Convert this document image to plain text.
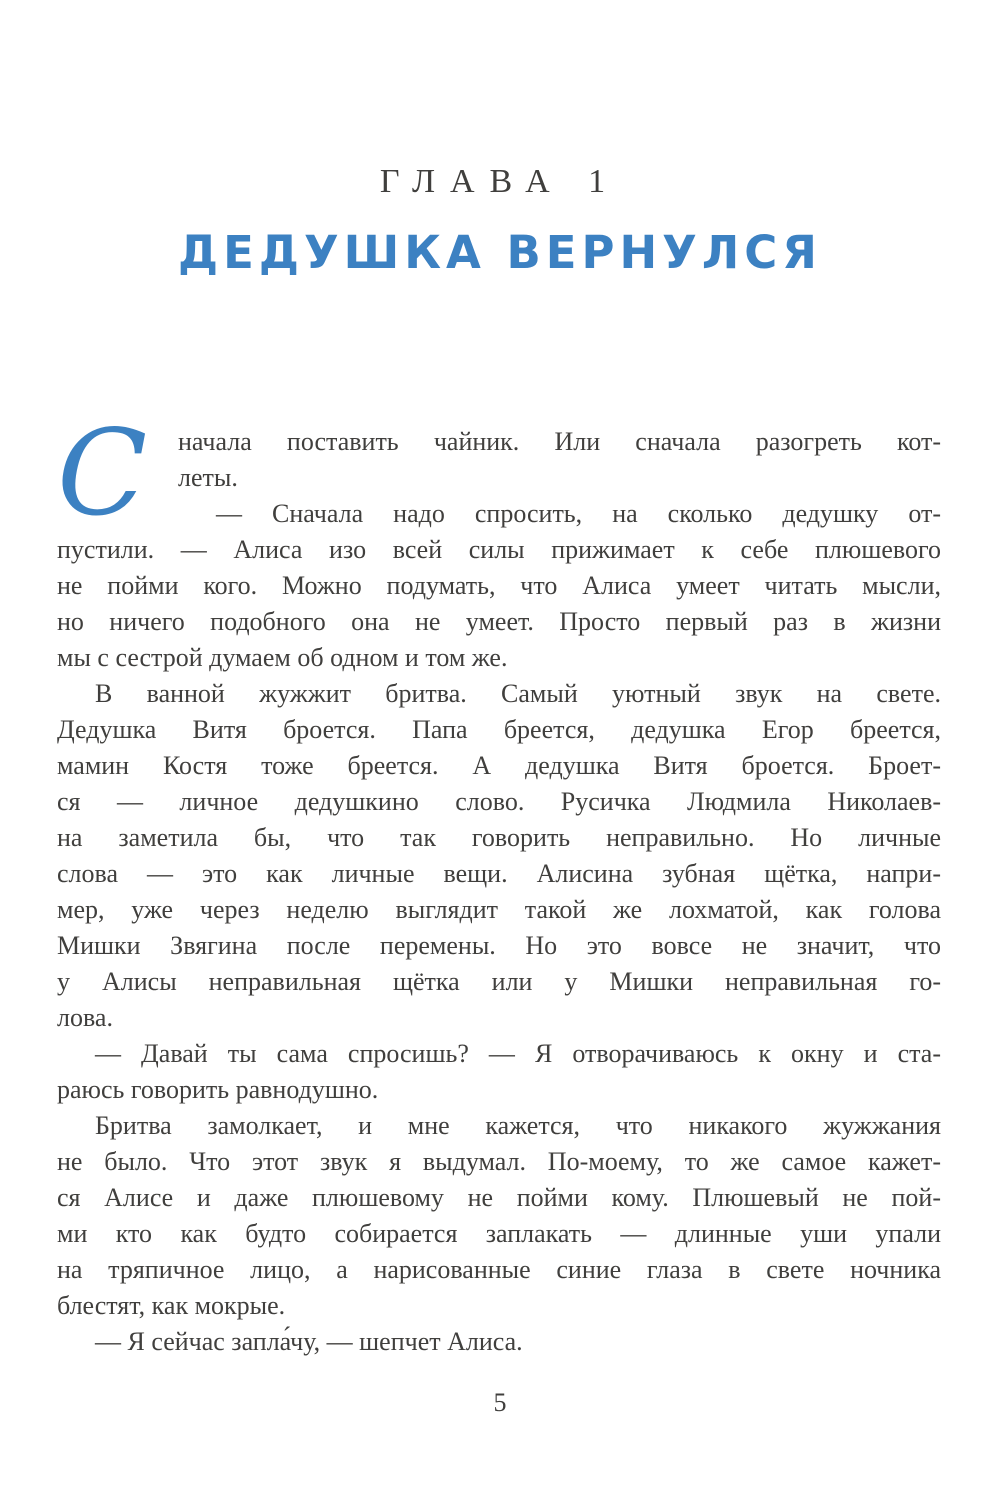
ГЛАВА 1
ДЕДУШКА ВЕРНУЛСЯ
С	начала поставить чайник. Или сначала разогреть кот-
леты.
— Сначала надо спросить, на сколько дедушку от-
пустили. — Алиса изо всей силы прижимает к себе плюшевого
не пойми кого. Можно подумать, что Алиса умеет читать мысли,
но ничего подобного она не умеет. Просто первый раз в жизни
мы с сестрой думаем об одном и том же.
В ванной жужжит бритва. Самый уютный звук на свете.
Дедушка Витя броется. Папа бреется, дедушка Егор бреется,
мамин Костя тоже бреется. А дедушка Витя броется. Броет-
ся — личное дедушкино слово. Русичка Людмила Николаев-
на заметила бы, что так говорить неправильно. Но личные
слова — это как личные вещи. Алисина зубная щётка, напри-
мер, уже через неделю выглядит такой же лохматой, как голова
Мишки Звягина после перемены. Но это вовсе не значит, что
у Алисы неправильная щётка или у Мишки неправильная го-
лова.
— Давай ты сама спросишь? — Я отворачиваюсь к окну и ста-
раюсь говорить равнодушно.
Бритва замолкает, и мне кажется, что никакого жужжания
не было. Что этот звук я выдумал. По-моему, то же самое кажет-
ся Алисе и даже плюшевому не пойми кому. Плюшевый не пой-
ми кто как будто собирается заплакать — длинные уши упали
на тряпичное лицо, а нарисованные синие глаза в свете ночника
блестят, как мокрые.
— Я сейчас запла́чу, — шепчет Алиса.
5
